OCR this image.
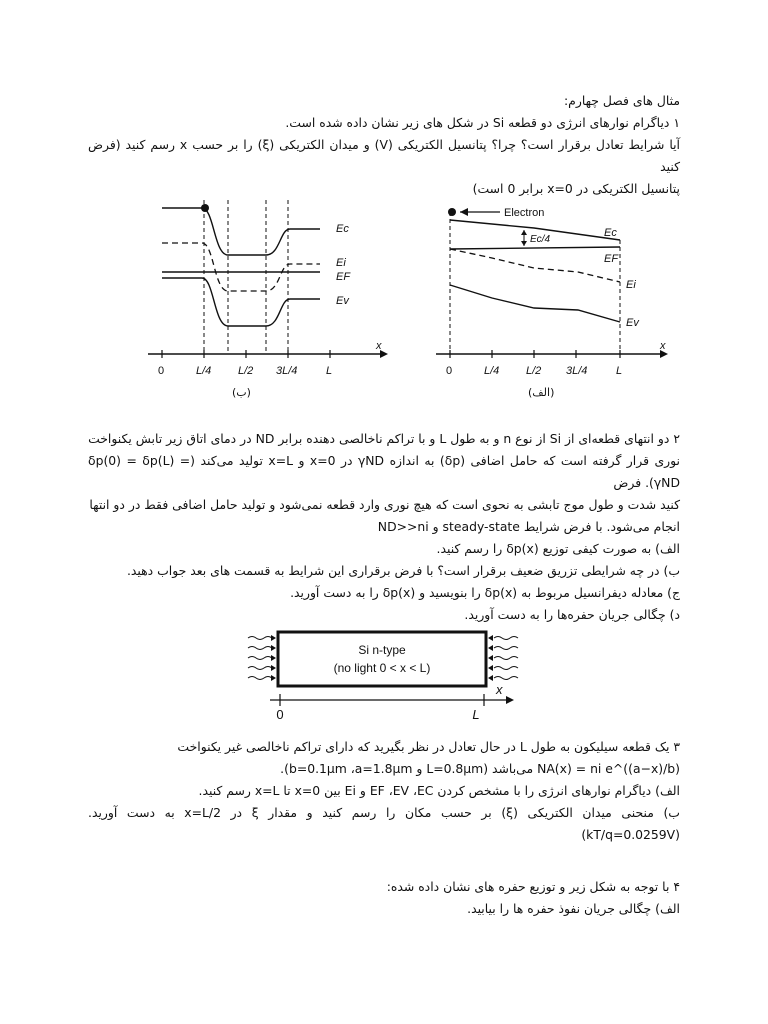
مثال های فصل چهارم:

۱ دیاگرام نوارهای انرژی دو قطعه Si در شکل های زیر نشان داده شده است.

آیا شرایط تعادل برقرار است؟ چرا؟ پتانسیل الکتریکی (V) و میدان الکتریکی (ξ) را بر حسب x رسم کنید (فرض کنید

پتانسیل الکتریکی در x=0 برابر 0 است)

x
0	L/4 L/2 3L/4	L
Ec
Ei
EF
Ev
(ب)
x
0	L/4 L/2 3L/4	L
Electron
Ec/4
Ec
EF
Ei
Ev
(الف)

۲ دو انتهای قطعه‌ای از Si از نوع n و به طول L و با تراکم ناخالصی دهنده برابر ND در دمای اتاق زیر تابش یکنواخت

نوری قرار گرفته است که حامل اضافی (δp) به اندازه γND در x=0 و x=L تولید می‌کند (δp(0) = δp(L) = γND). فرض

کنید شدت و طول موج تابشی به نحوی است که هیچ نوری وارد قطعه نمی‌شود و تولید حامل اضافی فقط در دو انتها

انجام می‌شود. با فرض شرایط steady-state و ND>>ni

الف) به صورت کیفی توزیع δp(x) را رسم کنید.

ب) در چه شرایطی تزریق ضعیف برقرار است؟ با فرض برقراری این شرایط به قسمت های بعد جواب دهید.

ج) معادله دیفرانسیل مربوط به δp(x) را بنویسید و δp(x) را به دست آورید.

د) چگالی جریان حفره‌ها را به دست آورید.

Si n-type
(no light 0 < x < L)
x
0	L

۳ یک قطعه سیلیکون به طول L در حال تعادل در نظر بگیرید که دارای تراکم ناخالصی غیر یکنواخت

NA(x) = ni e^((a−x)/b) می‌باشد (L=0.8μm و b=0.1μm ،a=1.8μm).

الف) دیاگرام نوارهای انرژی را با مشخص کردن EF ،EV ،EC و Ei بین x=0 تا x=L رسم کنید.

ب) منحنی میدان الکتریکی (ξ) بر حسب مکان را رسم کنید و مقدار ξ در x=L/2 به دست آورید. (kT/q=0.0259V)

۴ با توجه به شکل زیر و توزیع حفره های نشان داده شده:

الف) چگالی جریان نفوذ حفره ها را بیابید.
